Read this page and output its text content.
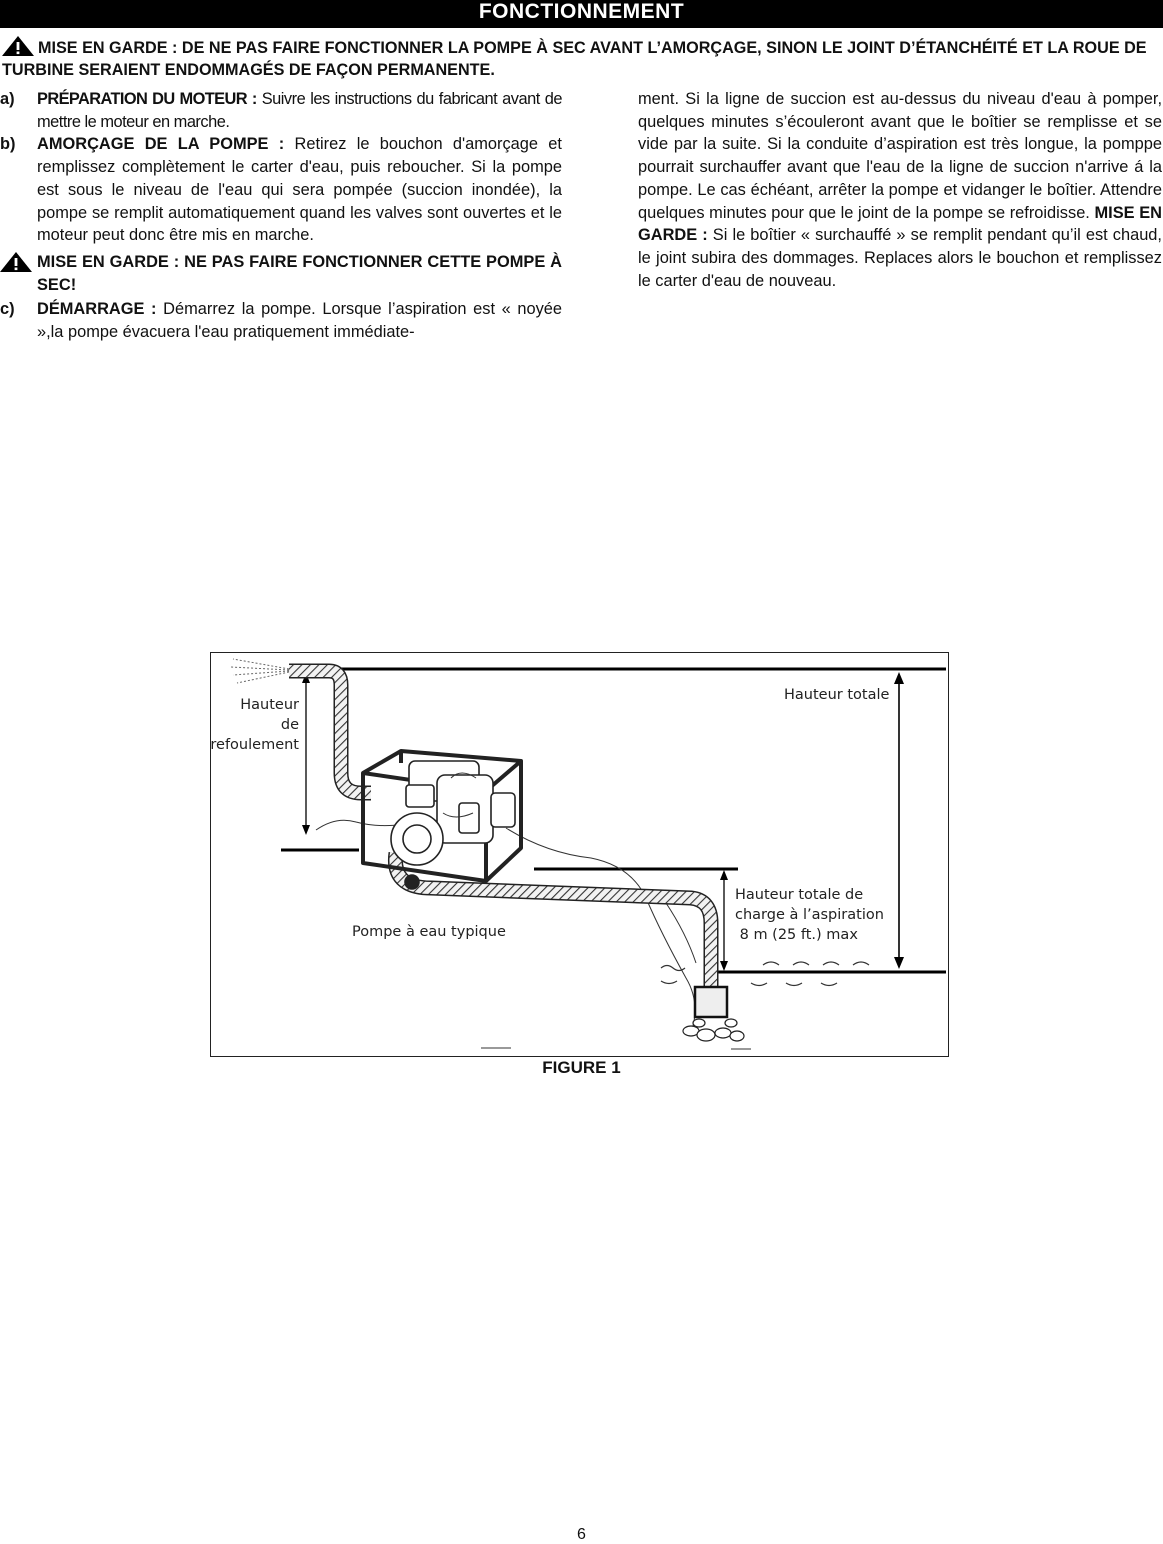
FONCTIONNEMENT
MISE EN GARDE : DE NE PAS FAIRE FONCTIONNER LA POMPE À SEC AVANT L’AMORÇAGE, SINON LE JOINT D’ÉTANCHÉITÉ ET LA ROUE DE TURBINE SERAIENT ENDOMMAGÉS DE FAÇON PERMANENTE.
a) PRÉPARATION DU MOTEUR : Suivre les instructions du fabricant avant de mettre le moteur en marche.
b) AMORÇAGE DE LA POMPE : Retirez le bouchon d'amorçage et remplissez complètement le carter d'eau, puis reboucher. Si la pompe est sous le niveau de l'eau qui sera pompée (succion inondée), la pompe se remplit automatiquement quand les valves sont ouvertes et le moteur peut donc être mis en marche.
MISE EN GARDE : NE PAS FAIRE FONCTIONNER CETTE POMPE À SEC!
c) DÉMARRAGE : Démarrez la pompe. Lorsque l’aspiration est « noyée »,la pompe évacuera l'eau pratiquement immédiate-
ment. Si la ligne de succion est au-dessus du niveau d'eau à pomper, quelques minutes s’écouleront avant que le boîtier se remplisse et se vide par la suite. Si la conduite d’aspiration est très longue, la pomppe pourrait surchauffer avant que l'eau de la ligne de succion n'arrive á la pompe. Le cas échéant, arrêter la pompe et vidanger le boîtier. Attendre quelques minutes pour que le joint de la pompe se refroidisse. MISE EN GARDE : Si le boîtier « surchauffé » se remplit pendant qu’il est chaud, le joint subira des dommages. Replaces alors le bouchon et remplissez le carter d'eau de nouveau.
Hauteur de
refoulement
Hauteur totale
Hauteur totale de
charge à l’aspiration
8 m (25 ft.) max
Pompe à eau typique
FIGURE 1
6
